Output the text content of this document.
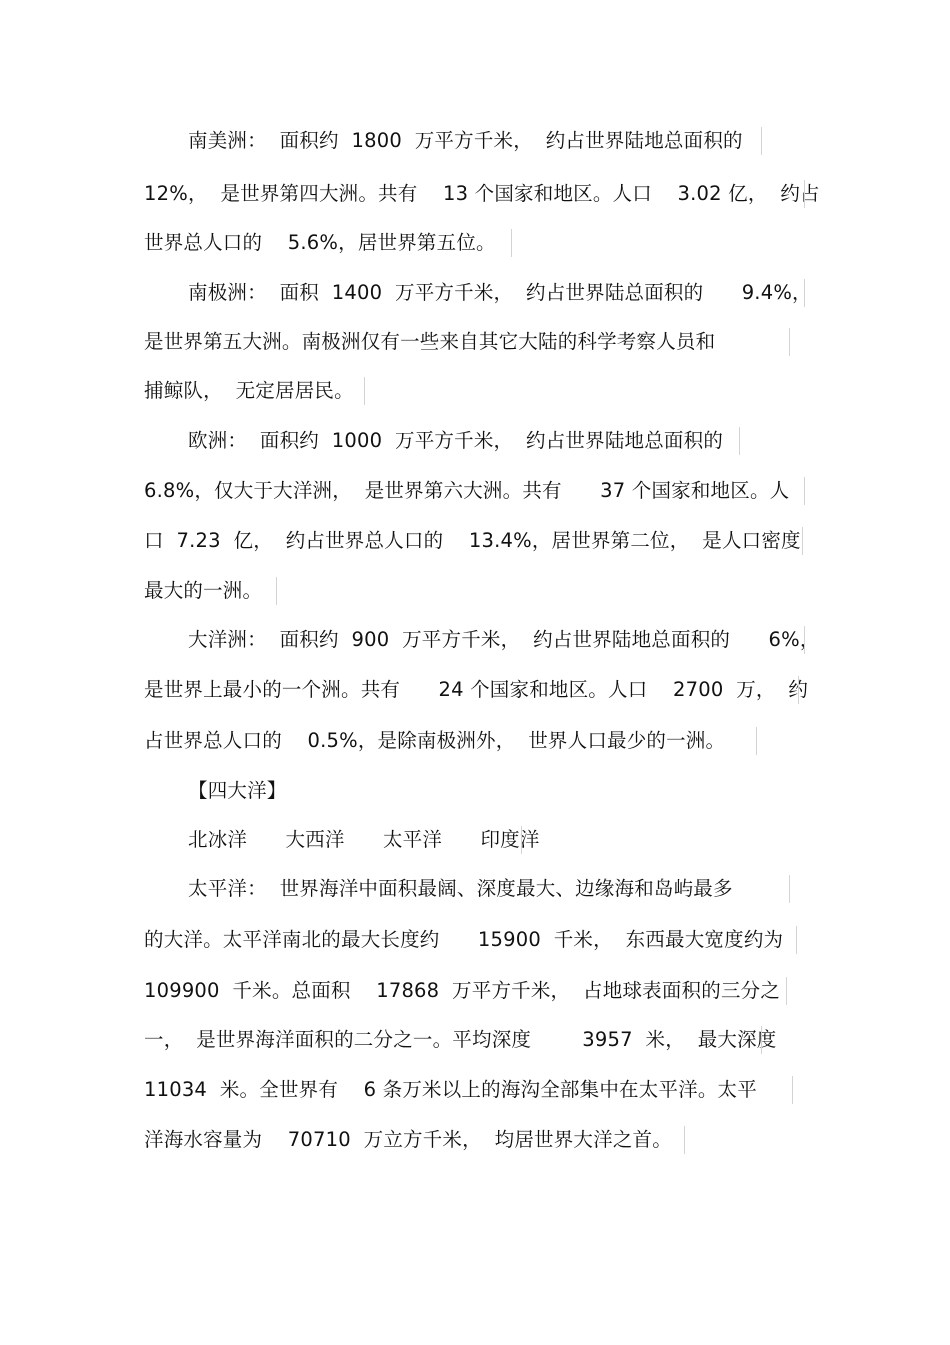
南美洲：  面积约  1800  万平方千米，  约占世界陆地总面积的
12%，  是世界第四大洲。共有    13 个国家和地区。人口    3.02 亿，  约占
世界总人口的    5.6%，居世界第五位。
南极洲：  面积  1400  万平方千米，  约占世界陆总面积的      9.4%，
是世界第五大洲。南极洲仅有一些来自其它大陆的科学考察人员和
捕鲸队，  无定居居民。
欧洲：  面积约  1000  万平方千米，  约占世界陆地总面积的
6.8%，仅大于大洋洲，  是世界第六大洲。共有      37 个国家和地区。人
口  7.23  亿，  约占世界总人口的    13.4%，居世界第二位，  是人口密度
最大的一洲。
大洋洲：  面积约  900  万平方千米，  约占世界陆地总面积的      6%，
是世界上最小的一个洲。共有      24 个国家和地区。人口    2700  万，  约
占世界总人口的    0.5%，是除南极洲外，  世界人口最少的一洲。
【四大洋】
北冰洋      大西洋      太平洋      印度洋
太平洋：  世界海洋中面积最阔、深度最大、边缘海和岛屿最多
的大洋。太平洋南北的最大长度约      15900  千米，  东西最大宽度约为
109900  千米。总面积    17868  万平方千米，  占地球表面积的三分之
一，  是世界海洋面积的二分之一。平均深度        3957  米，  最大深度
11034  米。全世界有    6 条万米以上的海沟全部集中在太平洋。太平
洋海水容量为    70710  万立方千米，  均居世界大洋之首。
